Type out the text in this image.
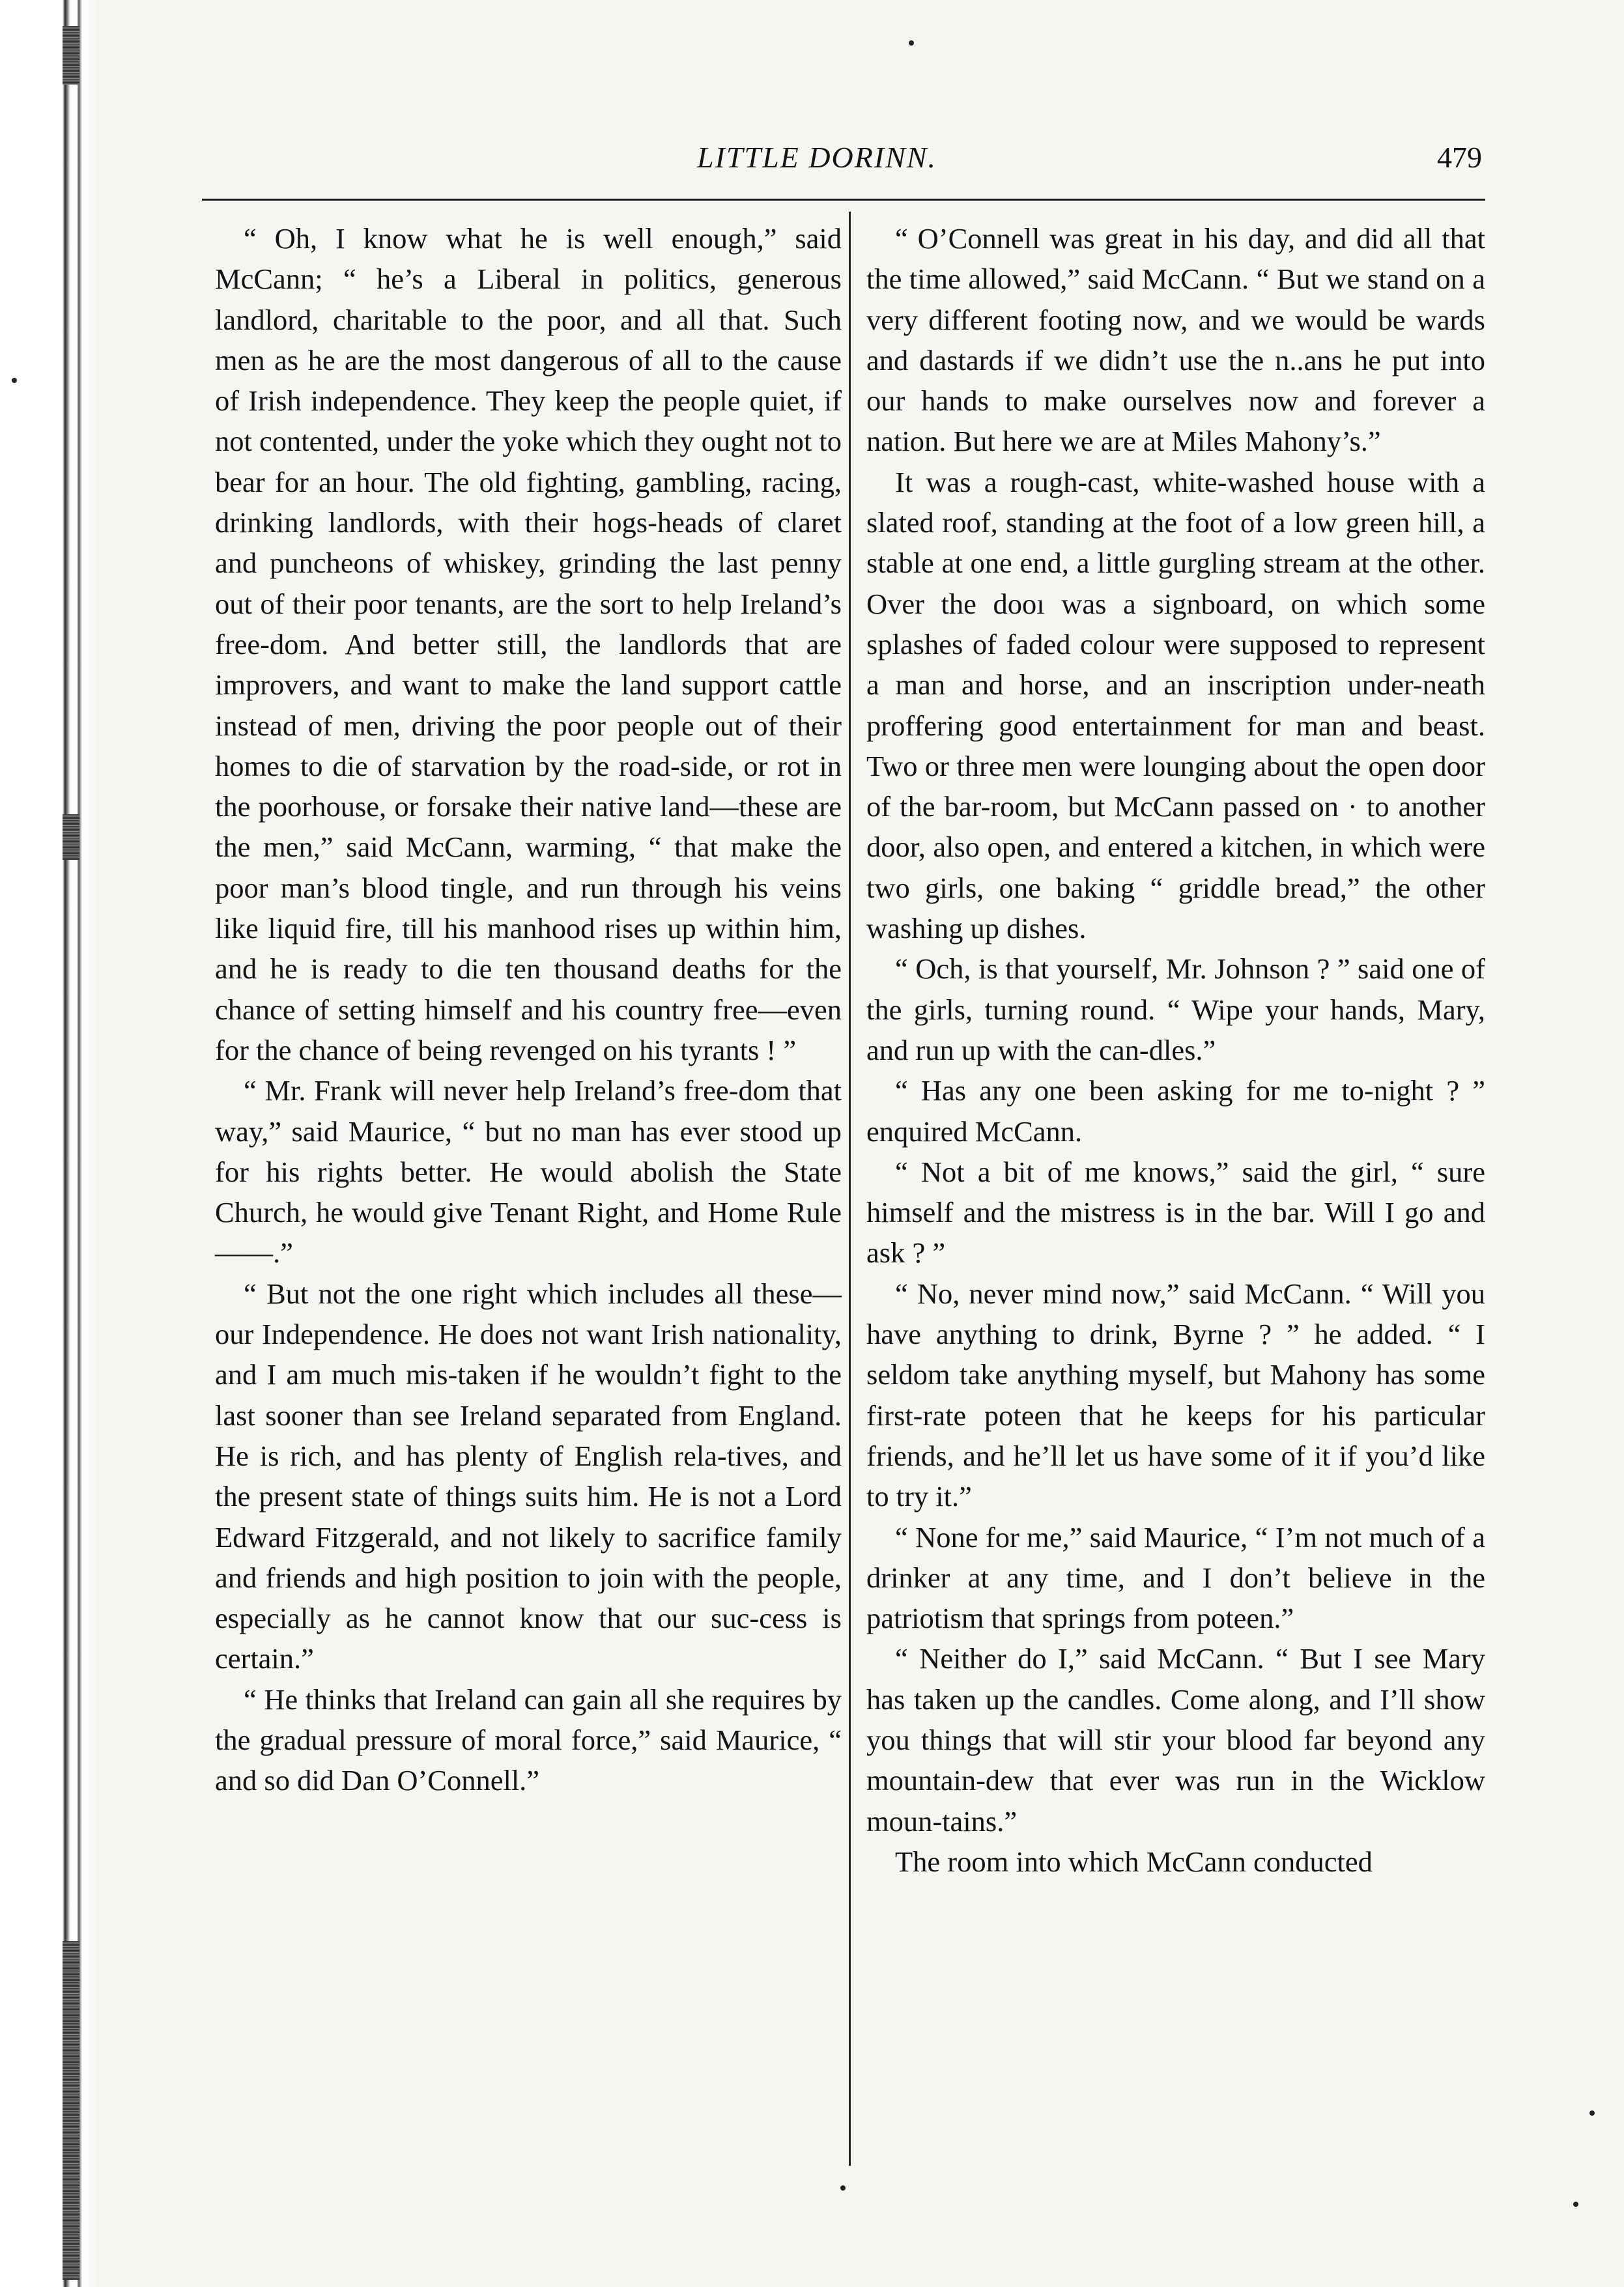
LITTLE DORINN.	479

“ Oh, I know what he is well enough,” said McCann; “ he’s a Liberal in politics, generous landlord, charitable to the poor, and all that. Such men as he are the most dangerous of all to the cause of Irish independence. They keep the people quiet, if not contented, under the yoke which they ought not to bear for an hour. The old fighting, gambling, racing, drinking landlords, with their hogs-heads of claret and puncheons of whiskey, grinding the last penny out of their poor tenants, are the sort to help Ireland’s free-dom. And better still, the landlords that are improvers, and want to make the land support cattle instead of men, driving the poor people out of their homes to die of starvation by the road-side, or rot in the poorhouse, or forsake their native land—these are the men,” said McCann, warming, “ that make the poor man’s blood tingle, and run through his veins like liquid fire, till his manhood rises up within him, and he is ready to die ten thousand deaths for the chance of setting himself and his country free—even for the chance of being revenged on his tyrants ! ”

“ Mr. Frank will never help Ireland’s free-dom that way,” said Maurice, “ but no man has ever stood up for his rights better. He would abolish the State Church, he would give Tenant Right, and Home Rule ——.”

“ But not the one right which includes all these—our Independence. He does not want Irish nationality, and I am much mis-taken if he wouldn’t fight to the last sooner than see Ireland separated from England. He is rich, and has plenty of English rela-tives, and the present state of things suits him. He is not a Lord Edward Fitzgerald, and not likely to sacrifice family and friends and high position to join with the people, especially as he cannot know that our suc-cess is certain.”

“ He thinks that Ireland can gain all she requires by the gradual pressure of moral force,” said Maurice, “ and so did Dan O’Connell.”

“ O’Connell was great in his day, and did all that the time allowed,” said McCann. “ But we stand on a very different footing now, and we would be wards and dastards if we didn’t use the n..ans he put into our hands to make ourselves now and forever a nation. But here we are at Miles Mahony’s.”

It was a rough-cast, white-washed house with a slated roof, standing at the foot of a low green hill, a stable at one end, a little gurgling stream at the other. Over the dooı was a signboard, on which some splashes of faded colour were supposed to represent a man and horse, and an inscription under-neath proffering good entertainment for man and beast. Two or three men were lounging about the open door of the bar-room, but McCann passed on · to another door, also open, and entered a kitchen, in which were two girls, one baking “ griddle bread,” the other washing up dishes.

“ Och, is that yourself, Mr. Johnson ? ” said one of the girls, turning round. “ Wipe your hands, Mary, and run up with the can-dles.”

“ Has any one been asking for me to-night ? ” enquired McCann.

“ Not a bit of me knows,” said the girl, “ sure himself and the mistress is in the bar. Will I go and ask ? ”

“ No, never mind now,” said McCann. “ Will you have anything to drink, Byrne ? ” he added. “ I seldom take anything myself, but Mahony has some first-rate poteen that he keeps for his particular friends, and he’ll let us have some of it if you’d like to try it.”

“ None for me,” said Maurice, “ I’m not much of a drinker at any time, and I don’t believe in the patriotism that springs from poteen.”

“ Neither do I,” said McCann. “ But I see Mary has taken up the candles. Come along, and I’ll show you things that will stir your blood far beyond any mountain-dew that ever was run in the Wicklow moun-tains.”

The room into which McCann conducted
